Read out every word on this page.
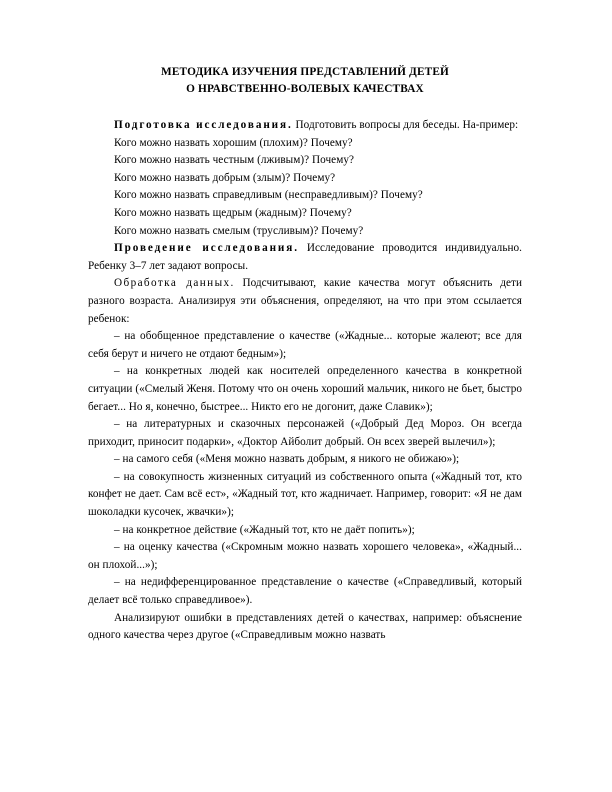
МЕТОДИКА ИЗУЧЕНИЯ ПРЕДСТАВЛЕНИЙ ДЕТЕЙ
О НРАВСТВЕННО-ВОЛЕВЫХ КАЧЕСТВАХ

Подготовка исследования. Подготовить вопросы для беседы. На-пример:

Кого можно назвать хорошим (плохим)? Почему?

Кого можно назвать честным (лживым)? Почему?

Кого можно назвать добрым (злым)? Почему?

Кого можно назвать справедливым (несправедливым)? Почему?

Кого можно назвать щедрым (жадным)? Почему?

Кого можно назвать смелым (трусливым)? Почему?

Проведение исследования. Исследование проводится индивидуально. Ребенку 3–7 лет задают вопросы.

Обработка данных. Подсчитывают, какие качества могут объяснить дети разного возраста. Анализируя эти объяснения, определяют, на что при этом ссылается ребенок:

– на обобщенное представление о качестве («Жадные... которые жалеют; все для себя берут и ничего не отдают бедным»);

– на конкретных людей как носителей определенного качества в конкретной ситуации («Смелый Женя. Потому что он очень хороший мальчик, никого не бьет, быстро бегает... Но я, конечно, быстрее... Никто его не догонит, даже Славик»);

– на литературных и сказочных персонажей («Добрый Дед Мороз. Он всегда приходит, приносит подарки», «Доктор Айболит добрый. Он всех зверей вылечил»);

– на самого себя («Меня можно назвать добрым, я никого не обижаю»);

– на совокупность жизненных ситуаций из собственного опыта («Жадный тот, кто конфет не дает. Сам всё ест», «Жадный тот, кто жадничает. Например, говорит: «Я не дам шоколадки кусочек, жвачки»);

– на конкретное действие («Жадный тот, кто не даёт попить»);

– на оценку качества («Скромным можно назвать хорошего человека», «Жадный... он плохой...»);

– на недифференцированное представление о качестве («Справедливый, который делает всё только справедливое»).

Анализируют ошибки в представлениях детей о качествах, например: объяснение одного качества через другое («Справедливым можно назвать
